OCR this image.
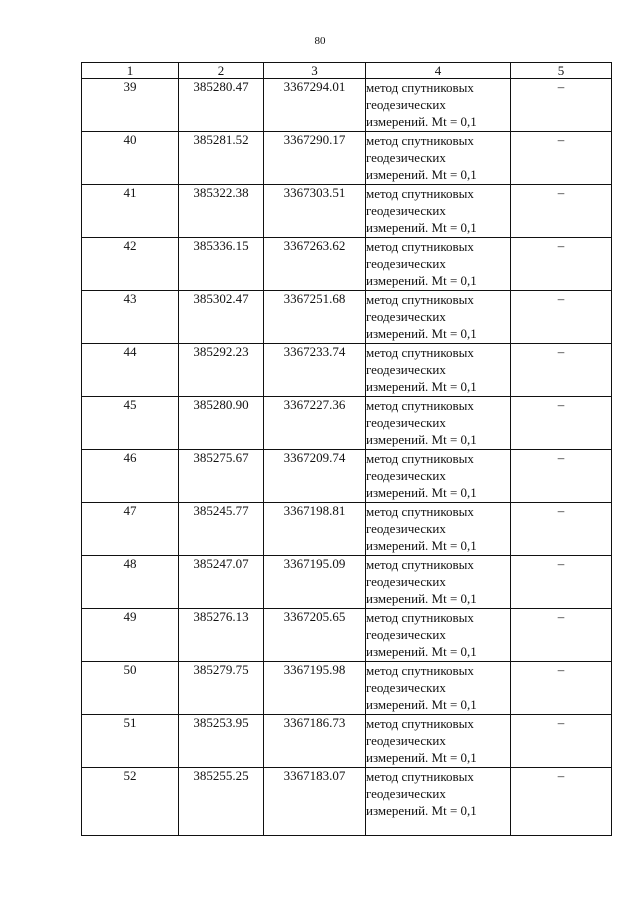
80
1	2	3	4	5
39	385280.47	3367294.01	метод спутниковых
геодезических
измерений. Mt = 0,1	–
40	385281.52	3367290.17	метод спутниковых
геодезических
измерений. Mt = 0,1	–
41	385322.38	3367303.51	метод спутниковых
геодезических
измерений. Mt = 0,1	–
42	385336.15	3367263.62	метод спутниковых
геодезических
измерений. Mt = 0,1	–
43	385302.47	3367251.68	метод спутниковых
геодезических
измерений. Mt = 0,1	–
44	385292.23	3367233.74	метод спутниковых
геодезических
измерений. Mt = 0,1	–
45	385280.90	3367227.36	метод спутниковых
геодезических
измерений. Mt = 0,1	–
46	385275.67	3367209.74	метод спутниковых
геодезических
измерений. Mt = 0,1	–
47	385245.77	3367198.81	метод спутниковых
геодезических
измерений. Mt = 0,1	–
48	385247.07	3367195.09	метод спутниковых
геодезических
измерений. Mt = 0,1	–
49	385276.13	3367205.65	метод спутниковых
геодезических
измерений. Mt = 0,1	–
50	385279.75	3367195.98	метод спутниковых
геодезических
измерений. Mt = 0,1	–
51	385253.95	3367186.73	метод спутниковых
геодезических
измерений. Mt = 0,1	–
52	385255.25	3367183.07	метод спутниковых
геодезических
измерений. Mt = 0,1	–
